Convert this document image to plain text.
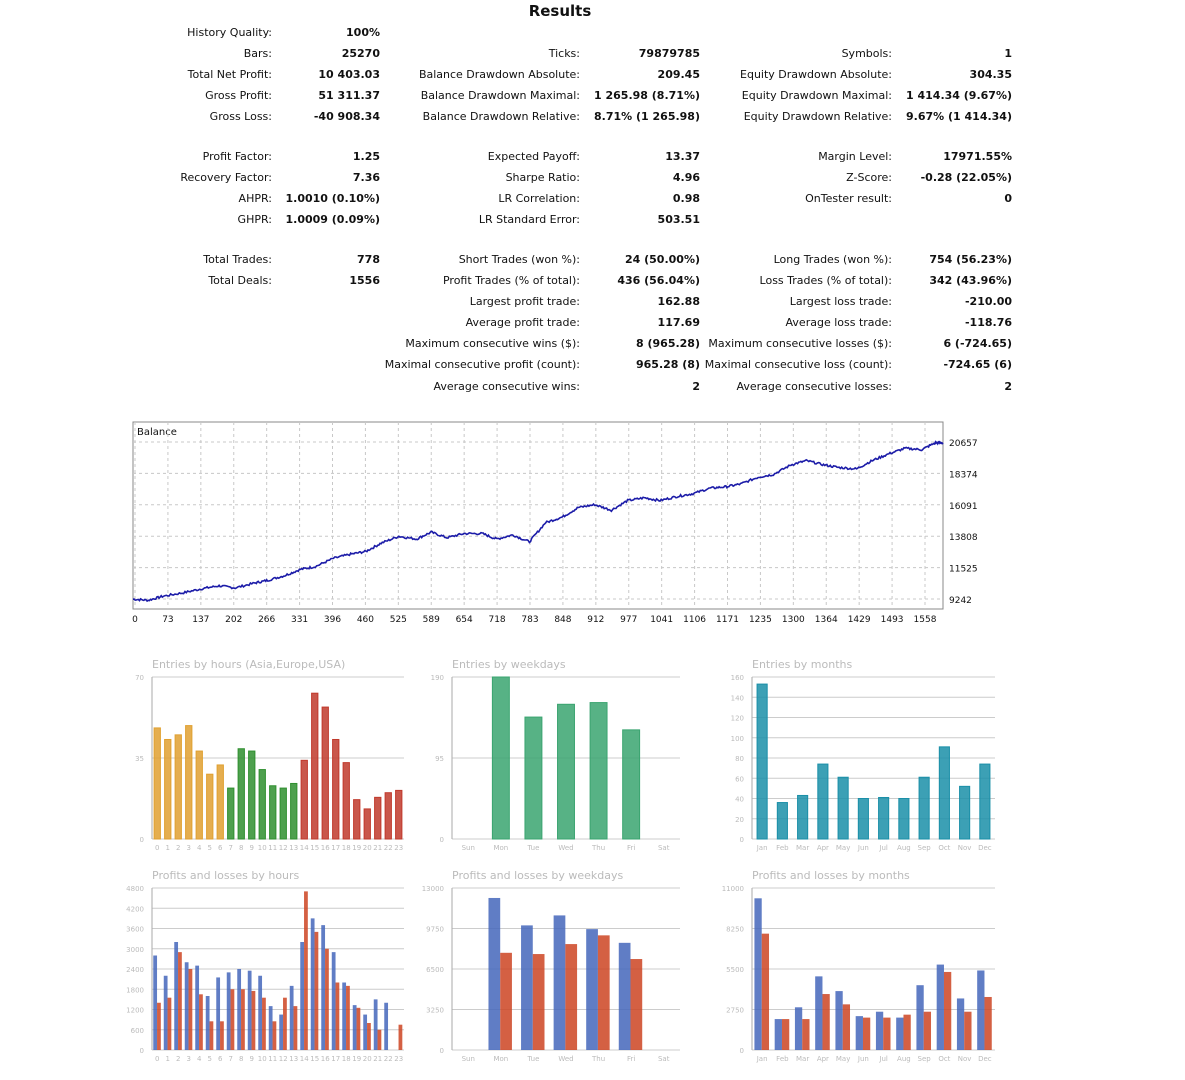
Results
History Quality:	100%
Bars:	25270	Ticks:	79879785	Symbols:	1
Total Net Profit:	10 403.03	Balance Drawdown Absolute:	209.45	Equity Drawdown Absolute:	304.35
Gross Profit:	51 311.37	Balance Drawdown Maximal: 1 265.98 (8.71%)	Equity Drawdown Maximal: 1 414.34 (9.67%)
Gross Loss:	-40 908.34	Balance Drawdown Relative: 8.71% (1 265.98)	Equity Drawdown Relative: 9.67% (1 414.34)
Profit Factor:	1.25	Expected Payoff:	13.37	Margin Level:	17971.55%
Recovery Factor:	7.36	Sharpe Ratio:	4.96	Z-Score:	-0.28 (22.05%)
AHPR: 1.0010 (0.10%)	LR Correlation:	0.98	OnTester result:	0
GHPR: 1.0009 (0.09%)	LR Standard Error:	503.51
Total Trades:	778	Short Trades (won %):	24 (50.00%)	Long Trades (won %):	754 (56.23%)
Total Deals:	1556	Profit Trades (% of total):	436 (56.04%)	Loss Trades (% of total):	342 (43.96%)
Largest profit trade:	162.88	Largest loss trade:	-210.00
Average profit trade:	117.69	Average loss trade:	-118.76
Maximum consecutive wins ($):	8 (965.28) Maximum consecutive losses ($):	6 (-724.65)
Maximal consecutive profit (count):	965.28 (8) Maximal consecutive loss (count):	-724.65 (6)
Average consecutive wins:	2	Average consecutive losses:	2
Balance
20657
18374
16091
13808
11525
9242
0	73 137 202 266 331 396 460 525 589 654 718 783 848 912 977 1041 1106 1171 1235 1300 1364 1429 1493 1558
Entries by hours (Asia,Europe,USA)
70
35
0
0 1 2 3 4 5 6 7 8 9 10 11 12 13 14 15 16 17 18 19 20 21 22 23
Entries by weekdays
190
95
0
Sun	Mon	Tue	Wed	Thu	Fri	Sat
Entries by months
160
140
120
100
80
60
40
20
0
Jan Feb Mar Apr May Jun Jul Aug Sep Oct Nov Dec
Profits and losses by hours
4800
4200
3600
3000
2400
1800
1200
600
0
0 1 2 3 4 5 6 7 8 9 10 11 12 13 14 15 16 17 18 19 20 21 22 23
Profits and losses by weekdays
13000
9750
6500
3250
0
Sun	Mon	Tue	Wed	Thu	Fri	Sat
Profits and losses by months
11000
8250
5500
2750
0
Jan Feb Mar Apr May Jun Jul Aug Sep Oct Nov Dec
